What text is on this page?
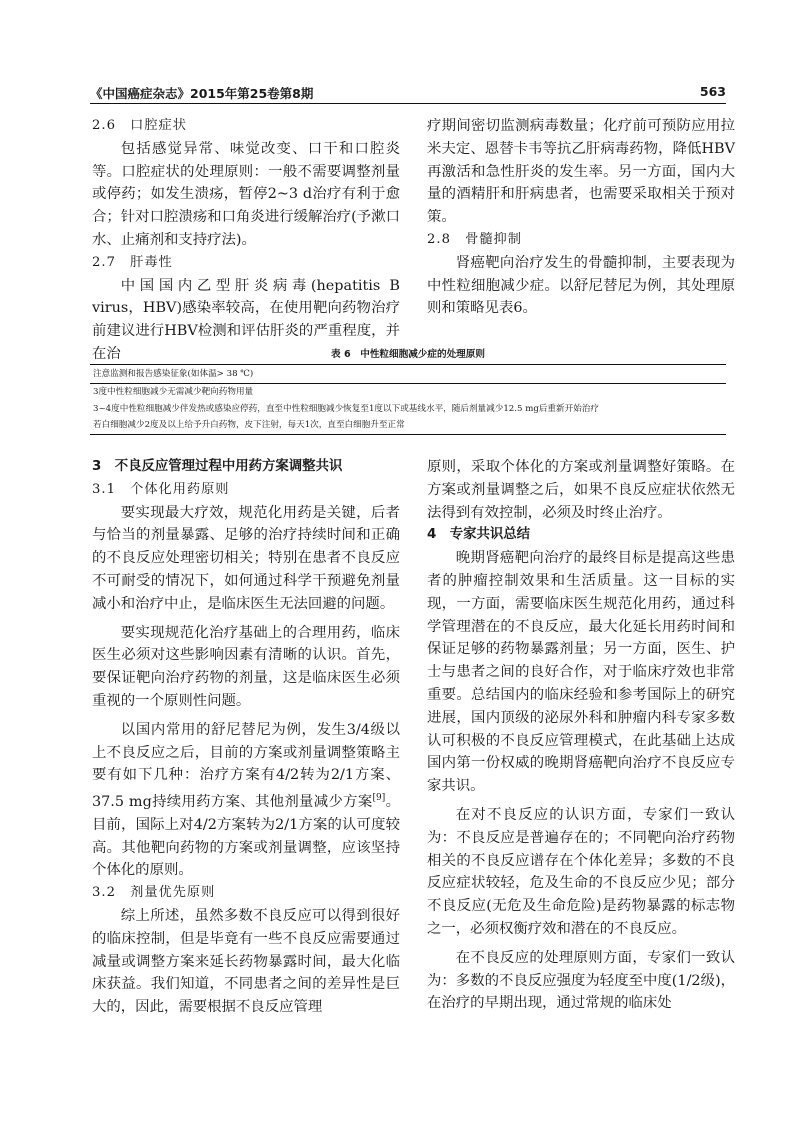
《中国癌症杂志》2015年第25卷第8期	563
2.6　口腔症状

包括感觉异常、味觉改变、口干和口腔炎等。口腔症状的处理原则：一般不需要调整剂量或停药；如发生溃疡，暂停2~3 d治疗有利于愈合；针对口腔溃疡和口角炎进行缓解治疗(予漱口水、止痛剂和支持疗法)。

2.7　肝毒性

中国国内乙型肝炎病毒(hepatitis B virus，HBV)感染率较高，在使用靶向药物治疗前建议进行HBV检测和评估肝炎的严重程度，并在治

疗期间密切监测病毒数量；化疗前可预防应用拉米夫定、恩替卡韦等抗乙肝病毒药物，降低HBV再激活和急性肝炎的发生率。另一方面，国内大量的酒精肝和肝病患者，也需要采取相关于预对策。

2.8　骨髓抑制

肾癌靶向治疗发生的骨髓抑制，主要表现为中性粒细胞减少症。以舒尼替尼为例，其处理原则和策略见表6。

表 6　中性粒细胞减少症的处理原则
注意监测和报告感染征象(如体温> 38 ℃)
3度中性粒细胞减少无需减少靶向药物用量
3~4度中性粒细胞减少伴发热或感染应停药，直至中性粒细胞减少恢复至1度以下或基线水平，随后剂量减少12.5 mg后重新开始治疗
若白细胞减少2度及以上给予升白药物，皮下注射，每天1次，直至白细胞升至正常
3　不良反应管理过程中用药方案调整共识
3.1　个体化用药原则

要实现最大疗效，规范化用药是关键，后者与恰当的剂量暴露、足够的治疗持续时间和正确的不良反应处理密切相关；特别在患者不良反应不可耐受的情况下，如何通过科学干预避免剂量减小和治疗中止，是临床医生无法回避的问题。

要实现规范化治疗基础上的合理用药，临床医生必须对这些影响因素有清晰的认识。首先，要保证靶向治疗药物的剂量，这是临床医生必须重视的一个原则性问题。

以国内常用的舒尼替尼为例，发生3/4级以上不良反应之后，目前的方案或剂量调整策略主要有如下几种：治疗方案有4/2转为2/1方案、37.5 mg持续用药方案、其他剂量减少方案[9]。目前，国际上对4/2方案转为2/1方案的认可度较高。其他靶向药物的方案或剂量调整，应该坚持个体化的原则。

3.2　剂量优先原则

综上所述，虽然多数不良反应可以得到很好的临床控制，但是毕竟有一些不良反应需要通过减量或调整方案来延长药物暴露时间，最大化临床获益。我们知道，不同患者之间的差异性是巨大的，因此，需要根据不良反应管理

原则，采取个体化的方案或剂量调整好策略。在方案或剂量调整之后，如果不良反应症状依然无法得到有效控制，必须及时终止治疗。

4　专家共识总结

晚期肾癌靶向治疗的最终目标是提高这些患者的肿瘤控制效果和生活质量。这一目标的实现，一方面，需要临床医生规范化用药，通过科学管理潜在的不良反应，最大化延长用药时间和保证足够的药物暴露剂量；另一方面，医生、护士与患者之间的良好合作，对于临床疗效也非常重要。总结国内的临床经验和参考国际上的研究进展，国内顶级的泌尿外科和肿瘤内科专家多数认可积极的不良反应管理模式，在此基础上达成国内第一份权威的晚期肾癌靶向治疗不良反应专家共识。

在对不良反应的认识方面，专家们一致认为：不良反应是普遍存在的；不同靶向治疗药物相关的不良反应谱存在个体化差异；多数的不良反应症状较轻，危及生命的不良反应少见；部分不良反应(无危及生命危险)是药物暴露的标志物之一，必须权衡疗效和潜在的不良反应。

在不良反应的处理原则方面，专家们一致认为：多数的不良反应强度为轻度至中度(1/2级)，在治疗的早期出现，通过常规的临床处
